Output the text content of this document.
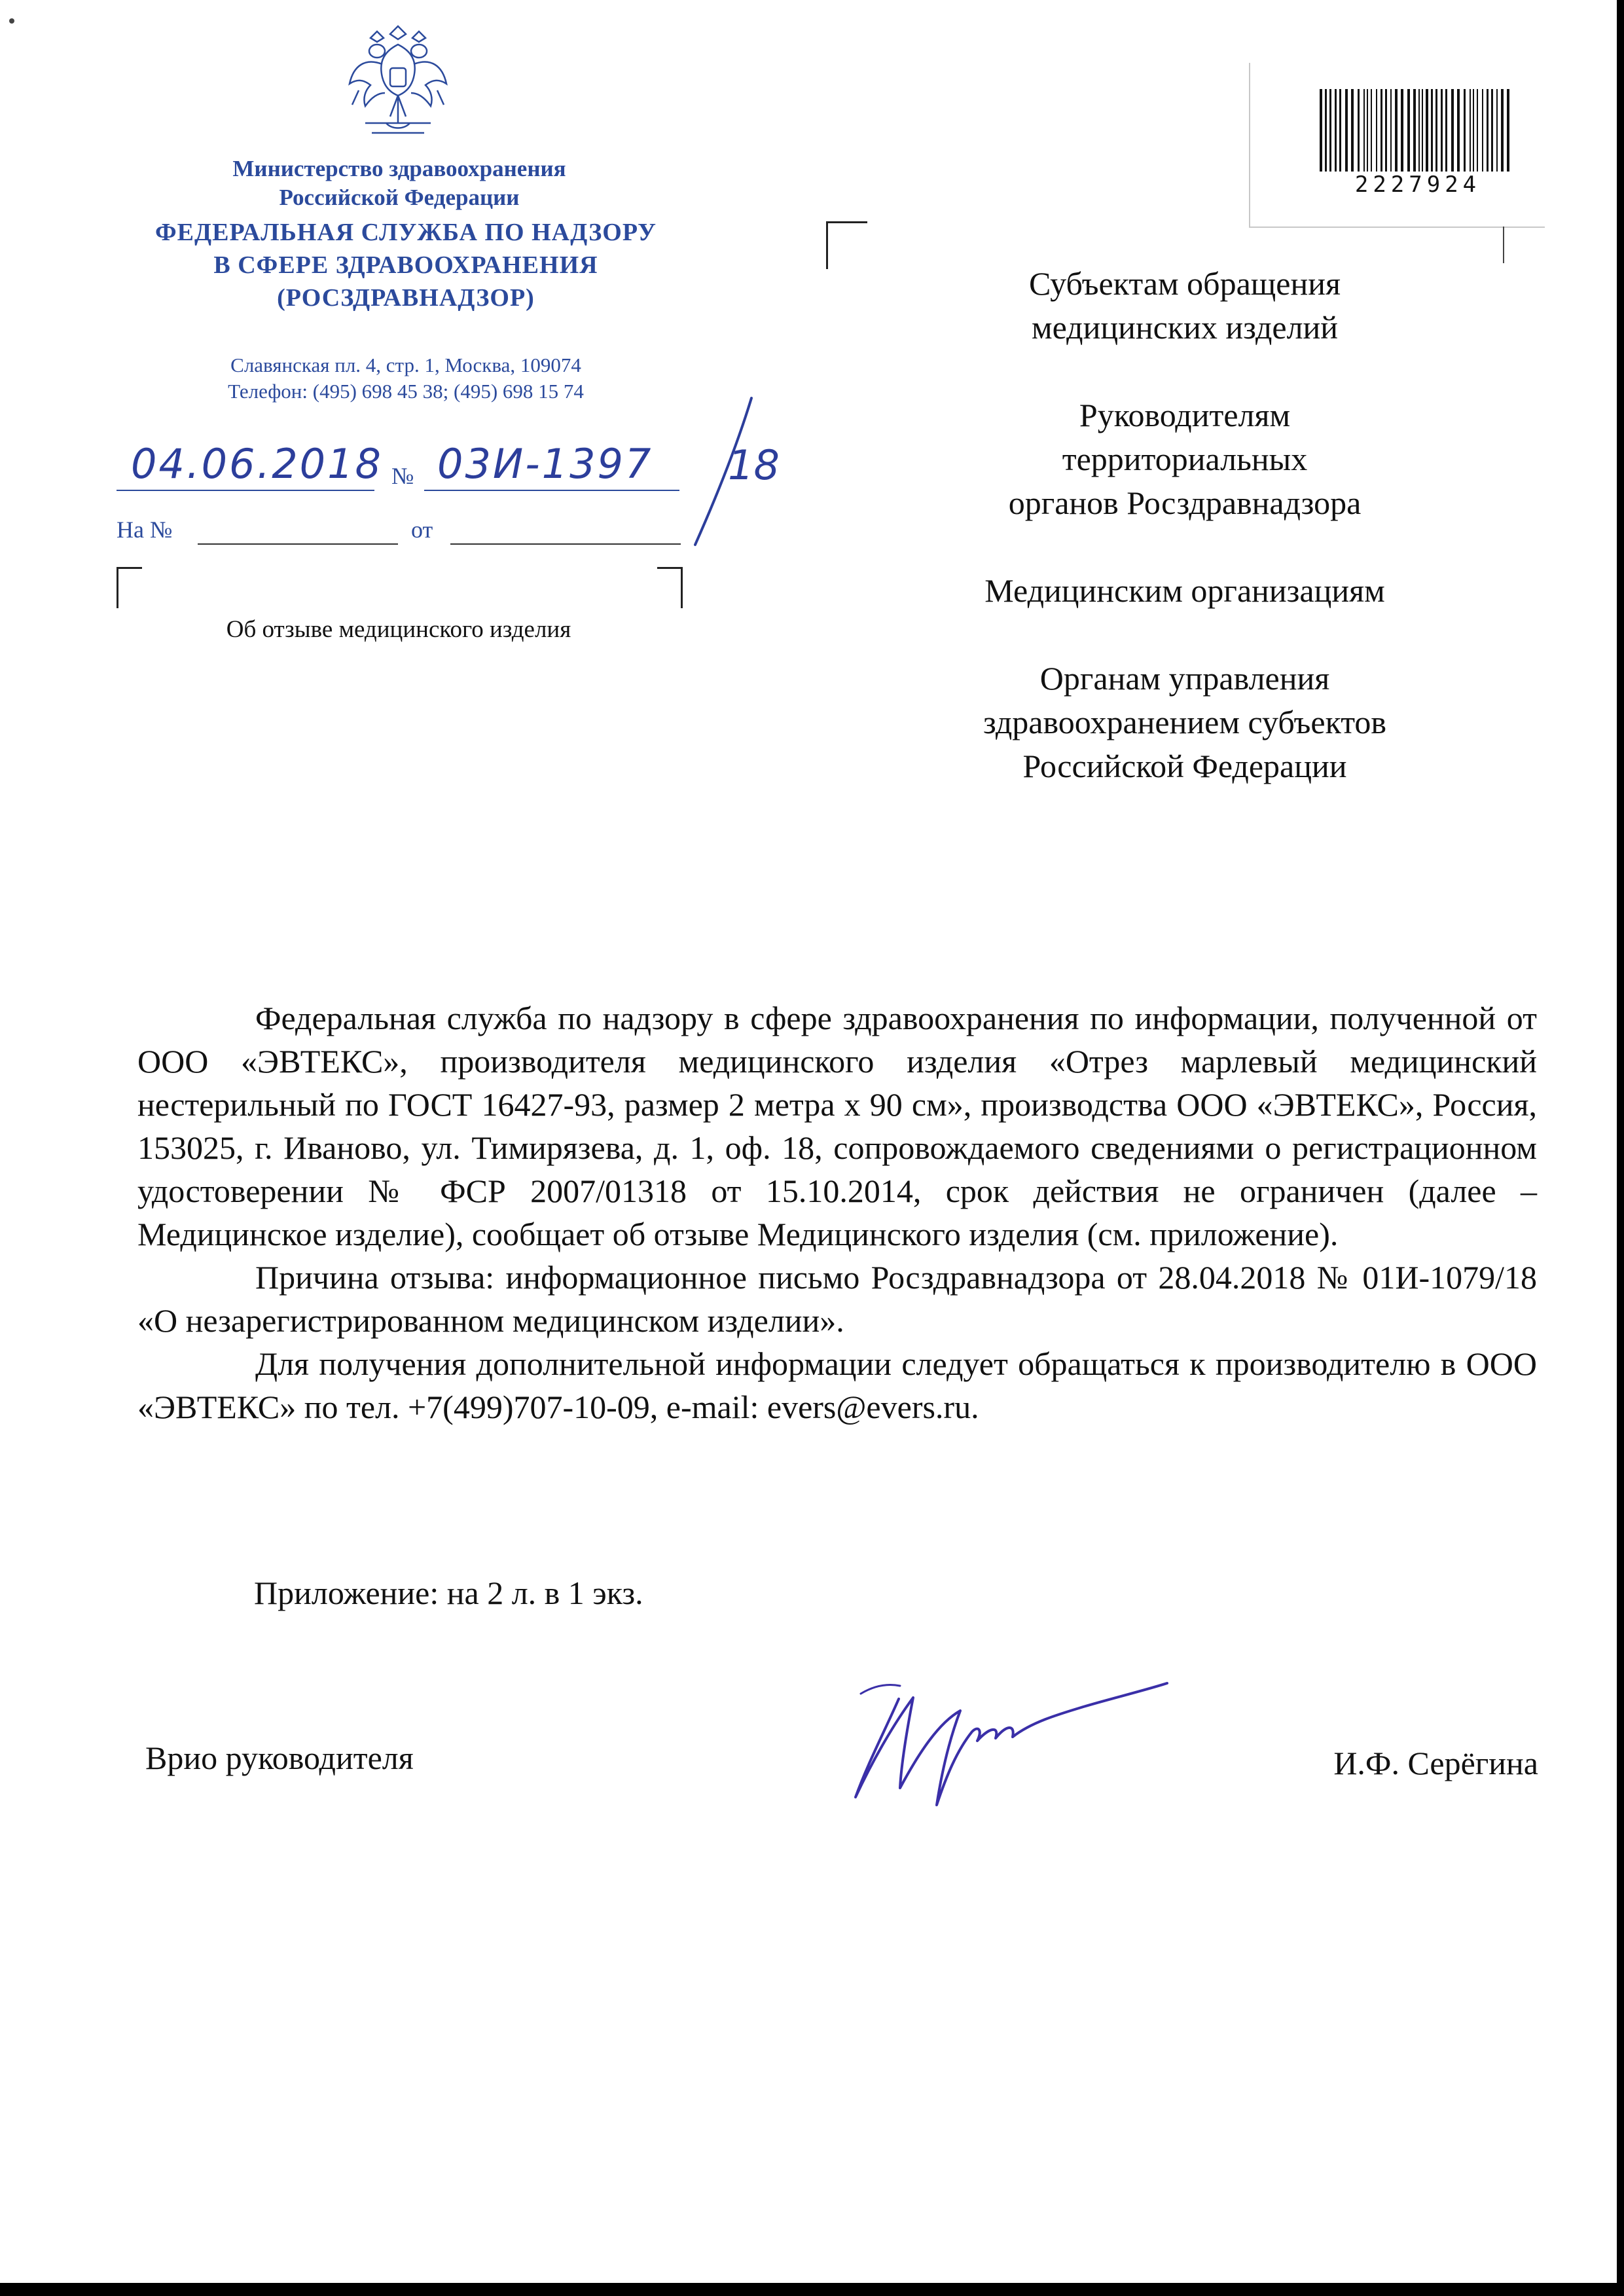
Министерство здравоохранения
Российской Федерации
ФЕДЕРАЛЬНАЯ СЛУЖБА ПО НАДЗОРУ
В СФЕРЕ ЗДРАВООХРАНЕНИЯ
(РОСЗДРАВНАДЗОР)
Славянская пл. 4, стр. 1, Москва, 109074
Телефон: (495) 698 45 38; (495) 698 15 74
04.06.2018 № 03И-1397 18
На №	от
Об отзыве медицинского изделия
2227924
Субъектам обращения
медицинских изделий
Руководителям
территориальных
органов Росздравнадзора
Медицинским организациям
Органам управления
здравоохранением субъектов
Российской Федерации

Федеральная служба по надзору в сфере здравоохранения по информации, полученной от ООО «ЭВТЕКС», производителя медицинского изделия «Отрез марлевый медицинский нестерильный по ГОСТ 16427-93, размер 2 метра х 90 см», производства ООО «ЭВТЕКС», Россия, 153025, г. Иваново, ул. Тимирязева, д. 1, оф. 18, сопровождаемого сведениями о регистрационном удостоверении № ФСР 2007/01318 от 15.10.2014, срок действия не ограничен (далее – Медицинское изделие), сообщает об отзыве Медицинского изделия (см. приложение).

Причина отзыва: информационное письмо Росздравнадзора от 28.04.2018 № 01И-1079/18 «О незарегистрированном медицинском изделии».

Для получения дополнительной информации следует обращаться к производителю в ООО «ЭВТЕКС» по тел. +7(499)707-10-09, e-mail: evers@evers.ru.

Приложение: на 2 л. в 1 экз.
Врио руководителя	И.Ф. Серёгина
